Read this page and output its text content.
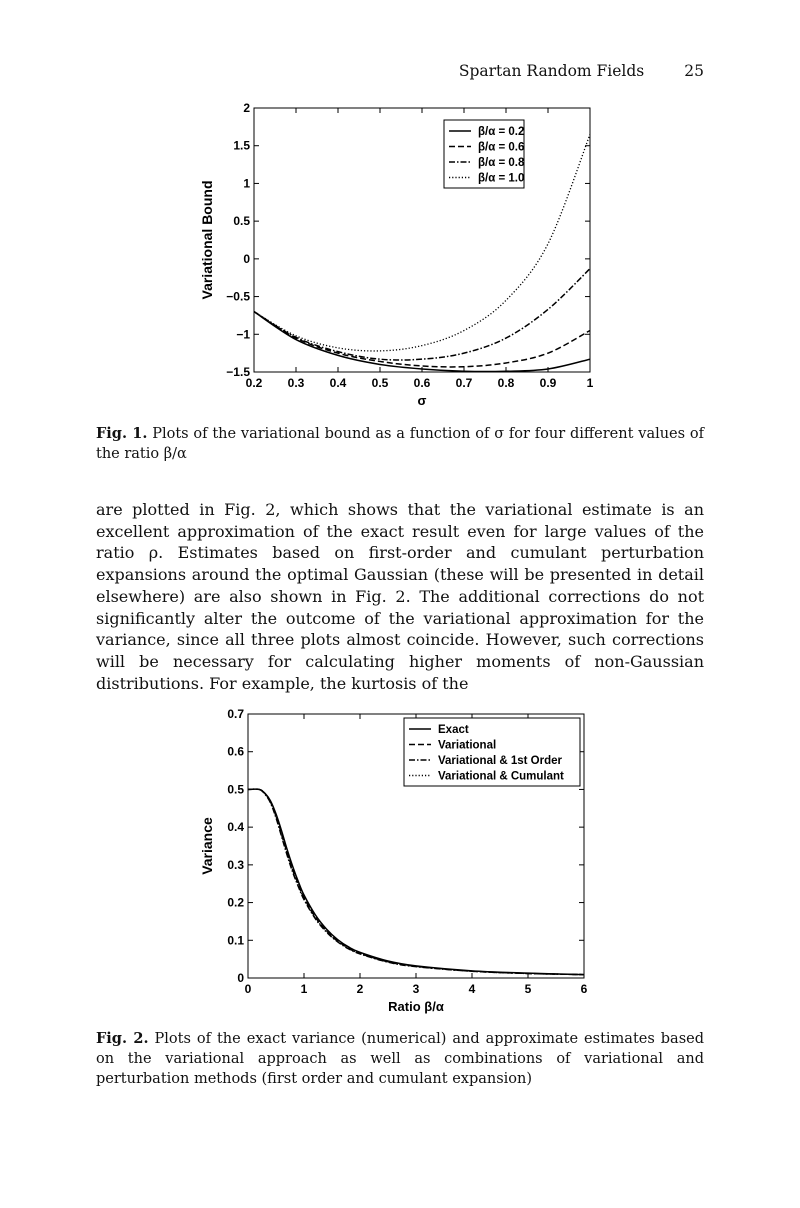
Spartan Random Fields	25
0.2 0.3 0.4 0.5 0.6 0.7 0.8 0.9	1
−1.5
−1
−0.5
0
0.5
1
1.5
2
σ
Variational Bound
β/α = 0.2
β/α = 0.6
β/α = 0.8
β/α = 1.0
Fig. 1. Plots of the variational bound as a function of σ for four different values of the ratio β/α
are plotted in Fig. 2, which shows that the variational estimate is an excellent approximation of the exact result even for large values of the ratio ρ. Estimates based on first-order and cumulant perturbation expansions around the optimal Gaussian (these will be presented in detail elsewhere) are also shown in Fig. 2. The additional corrections do not significantly alter the outcome of the variational approximation for the variance, since all three plots almost coincide. However, such corrections will be necessary for calculating higher moments of non-Gaussian distributions. For example, the kurtosis of the
0	1	2	3	4	5	6
0
0.1
0.2
0.3
0.4
0.5
0.6
0.7
Ratio β/α
Variance
Exact
Variational
Variational & 1st Order
Variational & Cumulant
Fig. 2. Plots of the exact variance (numerical) and approximate estimates based on the variational approach as well as combinations of variational and perturbation methods (first order and cumulant expansion)
